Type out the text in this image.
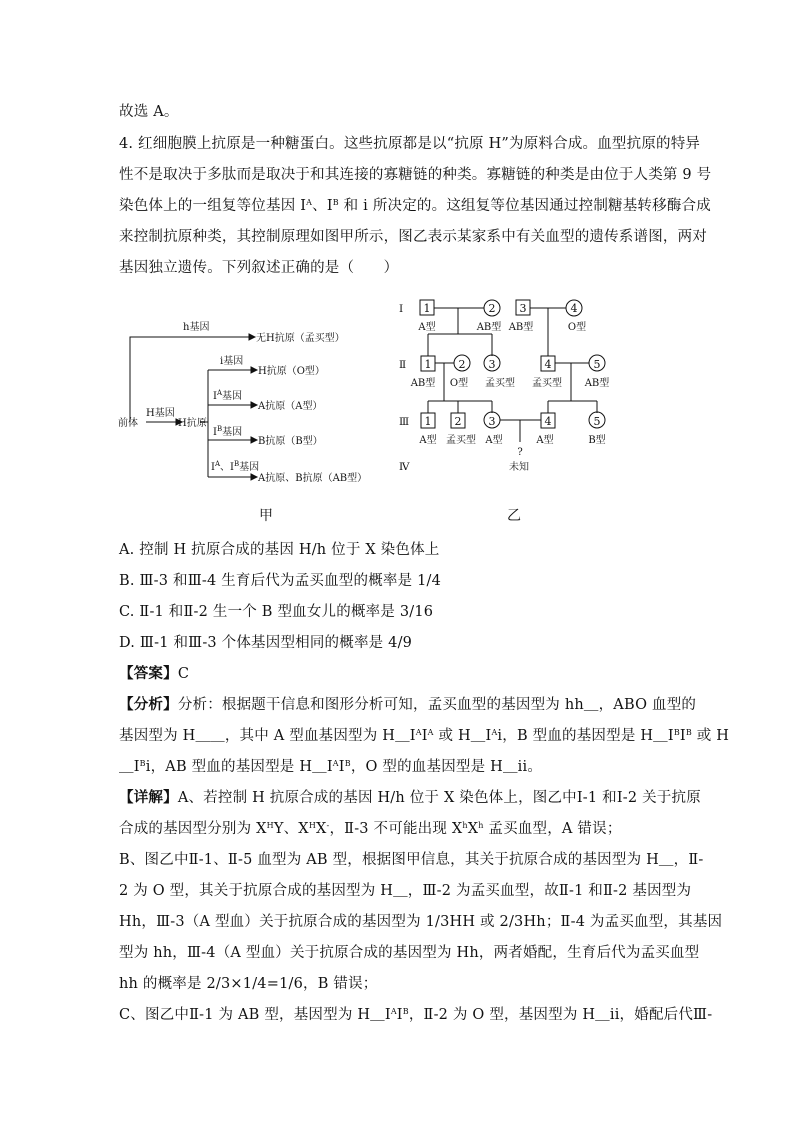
故选 A。
4. 红细胞膜上抗原是一种糖蛋白。这些抗原都是以“抗原 H”为原料合成。血型抗原的特异
性不是取决于多肽而是取决于和其连接的寡糖链的种类。寡糖链的种类是由位于人类第 9 号
染色体上的一组复等位基因 $I^A$、$I^B$ 和 i 所决定的。这组复等位基因通过控制糖基转移酶合成
来控制抗原种类，其控制原理如图甲所示，图乙表示某家系中有关血型的遗传系谱图，两对
基因独立遗传。下列叙述正确的是（　　）
h基因
无H抗原（孟买型）
前体
H基因
H抗原
i基因
H抗原（O型）
$I^A$基因
A抗原（A型）
$I^B$基因
B抗原（B型）
$I^A$、$I^B$基因
A抗原、B抗原（AB型）
甲
Ⅰ
Ⅱ
Ⅲ
Ⅳ
1	2 3	4
1 2 3	4	5
1 2 3	4	5
A型	AB型 AB型	O型
AB型 O型 孟买型 孟买型 AB型
A型 孟买型 A型	A型	B型
?
未知
乙
A. 控制 H 抗原合成的基因 H/h 位于 X 染色体上
B. Ⅲ-3 和Ⅲ-4 生育后代为孟买血型的概率是 1/4
C. Ⅱ-1 和Ⅱ-2 生一个 B 型血女儿的概率是 3/16
D. Ⅲ-1 和Ⅲ-3 个体基因型相同的概率是 4/9
【答案】C
【分析】分析：根据题干信息和图形分析可知，孟买血型的基因型为 hh＿，ABO 血型的
基因型为 H＿＿，其中 A 型血基因型为 $H\_I^AI^A$ 或 $H\_I^Ai$，B 型血的基因型是 $H\_I^BI^B$ 或 H
$\_I^Bi$，AB 型血的基因型是 $H\_I^AI^B$，O 型的血基因型是 H＿ii。
【详解】A、若控制 H 抗原合成的基因 H/h 位于 X 染色体上，图乙中Ⅰ-1 和Ⅰ-2 关于抗原
合成的基因型分别为 $X^HY$、$X^HX^-$，Ⅱ-3 不可能出现 $X^hX^h$ 孟买血型，A 错误；
B、图乙中Ⅱ-1、Ⅱ-5 血型为 AB 型，根据图甲信息，其关于抗原合成的基因型为 H＿，Ⅱ-
2 为 O 型，其关于抗原合成的基因型为 H＿，Ⅲ-2 为孟买血型，故Ⅱ-1 和Ⅱ-2 基因型为
Hh，Ⅲ-3（A 型血）关于抗原合成的基因型为 1/3HH 或 2/3Hh；Ⅱ-4 为孟买血型，其基因
型为 hh，Ⅲ-4（A 型血）关于抗原合成的基因型为 Hh，两者婚配，生育后代为孟买血型
hh 的概率是 2/3×1/4=1/6，B 错误；
C、图乙中Ⅱ-1 为 AB 型，基因型为 $H\_I^AI^B$，Ⅱ-2 为 O 型，基因型为 H＿ii，婚配后代Ⅲ-
